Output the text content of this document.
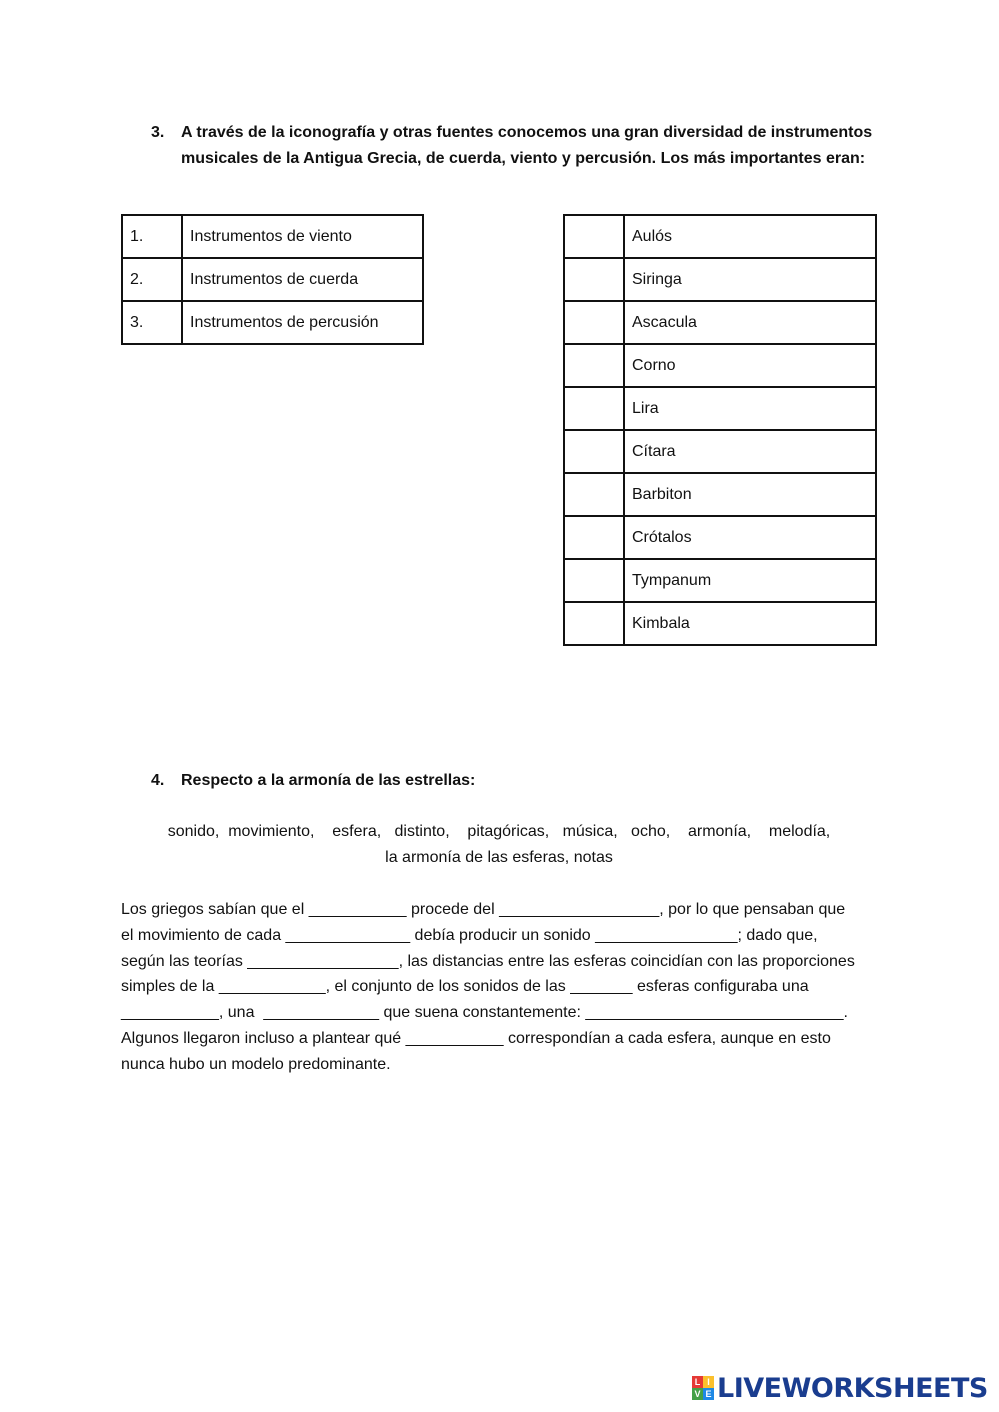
3. A través de la iconografía y otras fuentes conocemos una gran diversidad de instrumentos
musicales de la Antigua Grecia, de cuerda, viento y percusión. Los más importantes eran:
1.	Instrumentos de viento
2.	Instrumentos de cuerda
3.	Instrumentos de percusión
	Aulós
	Siringa
	Ascacula
	Corno
	Lira
	Cítara
	Barbiton
	Crótalos
	Tympanum
	Kimbala
4. Respecto a la armonía de las estrellas:
sonido,  movimiento,    esfera,   distinto,    pitagóricas,   música,   ocho,    armonía,    melodía,
la armonía de las esferas, notas
Los griegos sabían que el ___________ procede del __________________, por lo que pensaban que
el movimiento de cada ______________ debía producir un sonido ________________; dado que,
según las teorías _________________, las distancias entre las esferas coincidían con las proporciones
simples de la ____________, el conjunto de los sonidos de las _______ esferas configuraba una
___________, una  _____________ que suena constantemente: _____________________________.
Algunos llegaron incluso a plantear qué ___________ correspondían a cada esfera, aunque en esto
nunca hubo un modelo predominante.
L I
V E LIVEWORKSHEETS
